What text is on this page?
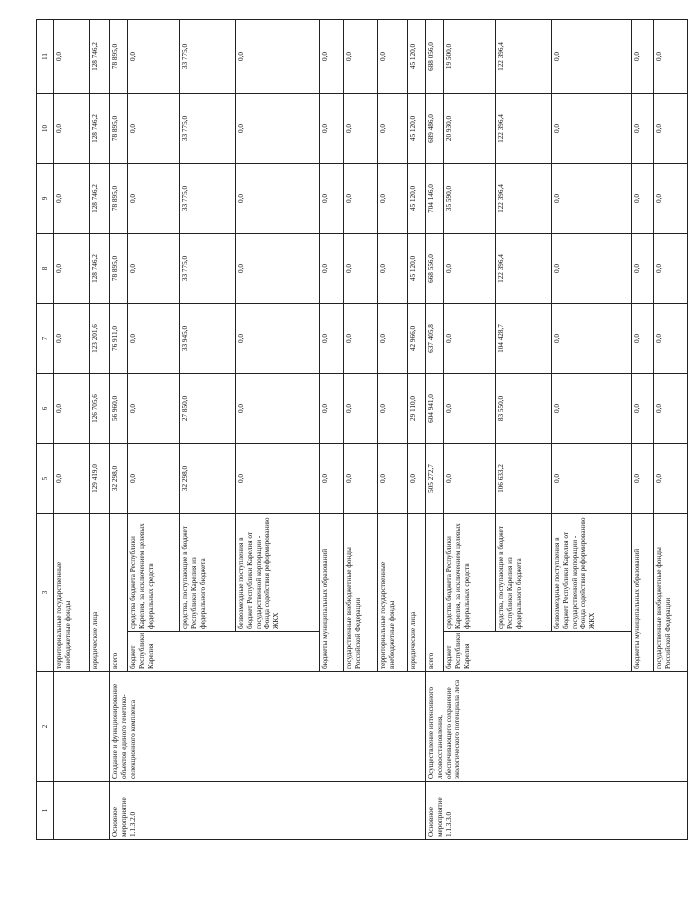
1	2	3		5	6	7	8	9	10	11
		территориальные государственные внебюджетные фонды		0,0	0,0	0,0	0,0	0,0	0,0	0,0
		юридические лица		129 419,0	126 705,6	123 201,6	128 746,2	128 746,2	128 746,2	128 746,2
Основное мероприятие 1.1.3.2.0	Создание и функционирование объектов единого генетико-селекционного комплекса	всего		32 298,0	56 960,0	76 911,0	78 895,0	78 895,0	78 895,0	78 895,0
		бюджет Республики Карелия	средства бюджета Республики Карелия, за исключением целевых федеральных средств	0,0	0,0	0,0	0,0	0,0	0,0	0,0
			средства, поступающие в бюджет Республики Карелия из федерального бюджета	32 298,0	27 850,0	33 945,0	33 775,0	33 775,0	33 775,0	33 775,0
			безвозмездные поступления в бюджет Республики Карелия от государственной корпорации - Фонда содействия реформированию ЖКХ	0,0	0,0	0,0	0,0	0,0	0,0	0,0
		бюджеты муниципальных образований		0,0	0,0	0,0	0,0	0,0	0,0	0,0
		государственные внебюджетные фонды Российской Федерации		0,0	0,0	0,0	0,0	0,0	0,0	0,0
		территориальные государственные внебюджетные фонды		0,0	0,0	0,0	0,0	0,0	0,0	0,0
		юридические лица		0,0	29 110,0	42 966,0	45 120,0	45 120,0	45 120,0	45 120,0
Основное мероприятие 1.1.3.3.0	Осуществление интенсивного лесовосстановления, обеспечивающего сохранение экологического потенциала леса	всего		505 272,7	604 941,0	637 405,8	668 556,0	704 146,0	689 486,0	688 056,0
		бюджет Республики Карелия	средства бюджета Республики Карелия, за исключением целевых федеральных средств	0,0	0,0	0,0	0,0	35 590,0	20 930,0	19 500,0
			средства, поступающие в бюджет Республики Карелия из федерального бюджета	106 633,2	83 550,0	104 428,7	122 396,4	122 396,4	122 396,4	122 396,4
			безвозмездные поступления в бюджет Республики Карелия от государственной корпорации - Фонда содействия реформированию ЖКХ	0,0	0,0	0,0	0,0	0,0	0,0	0,0
		бюджеты муниципальных образований		0,0	0,0	0,0	0,0	0,0	0,0	0,0
		государственные внебюджетные фонды Российской Федерации		0,0	0,0	0,0	0,0	0,0	0,0	0,0
